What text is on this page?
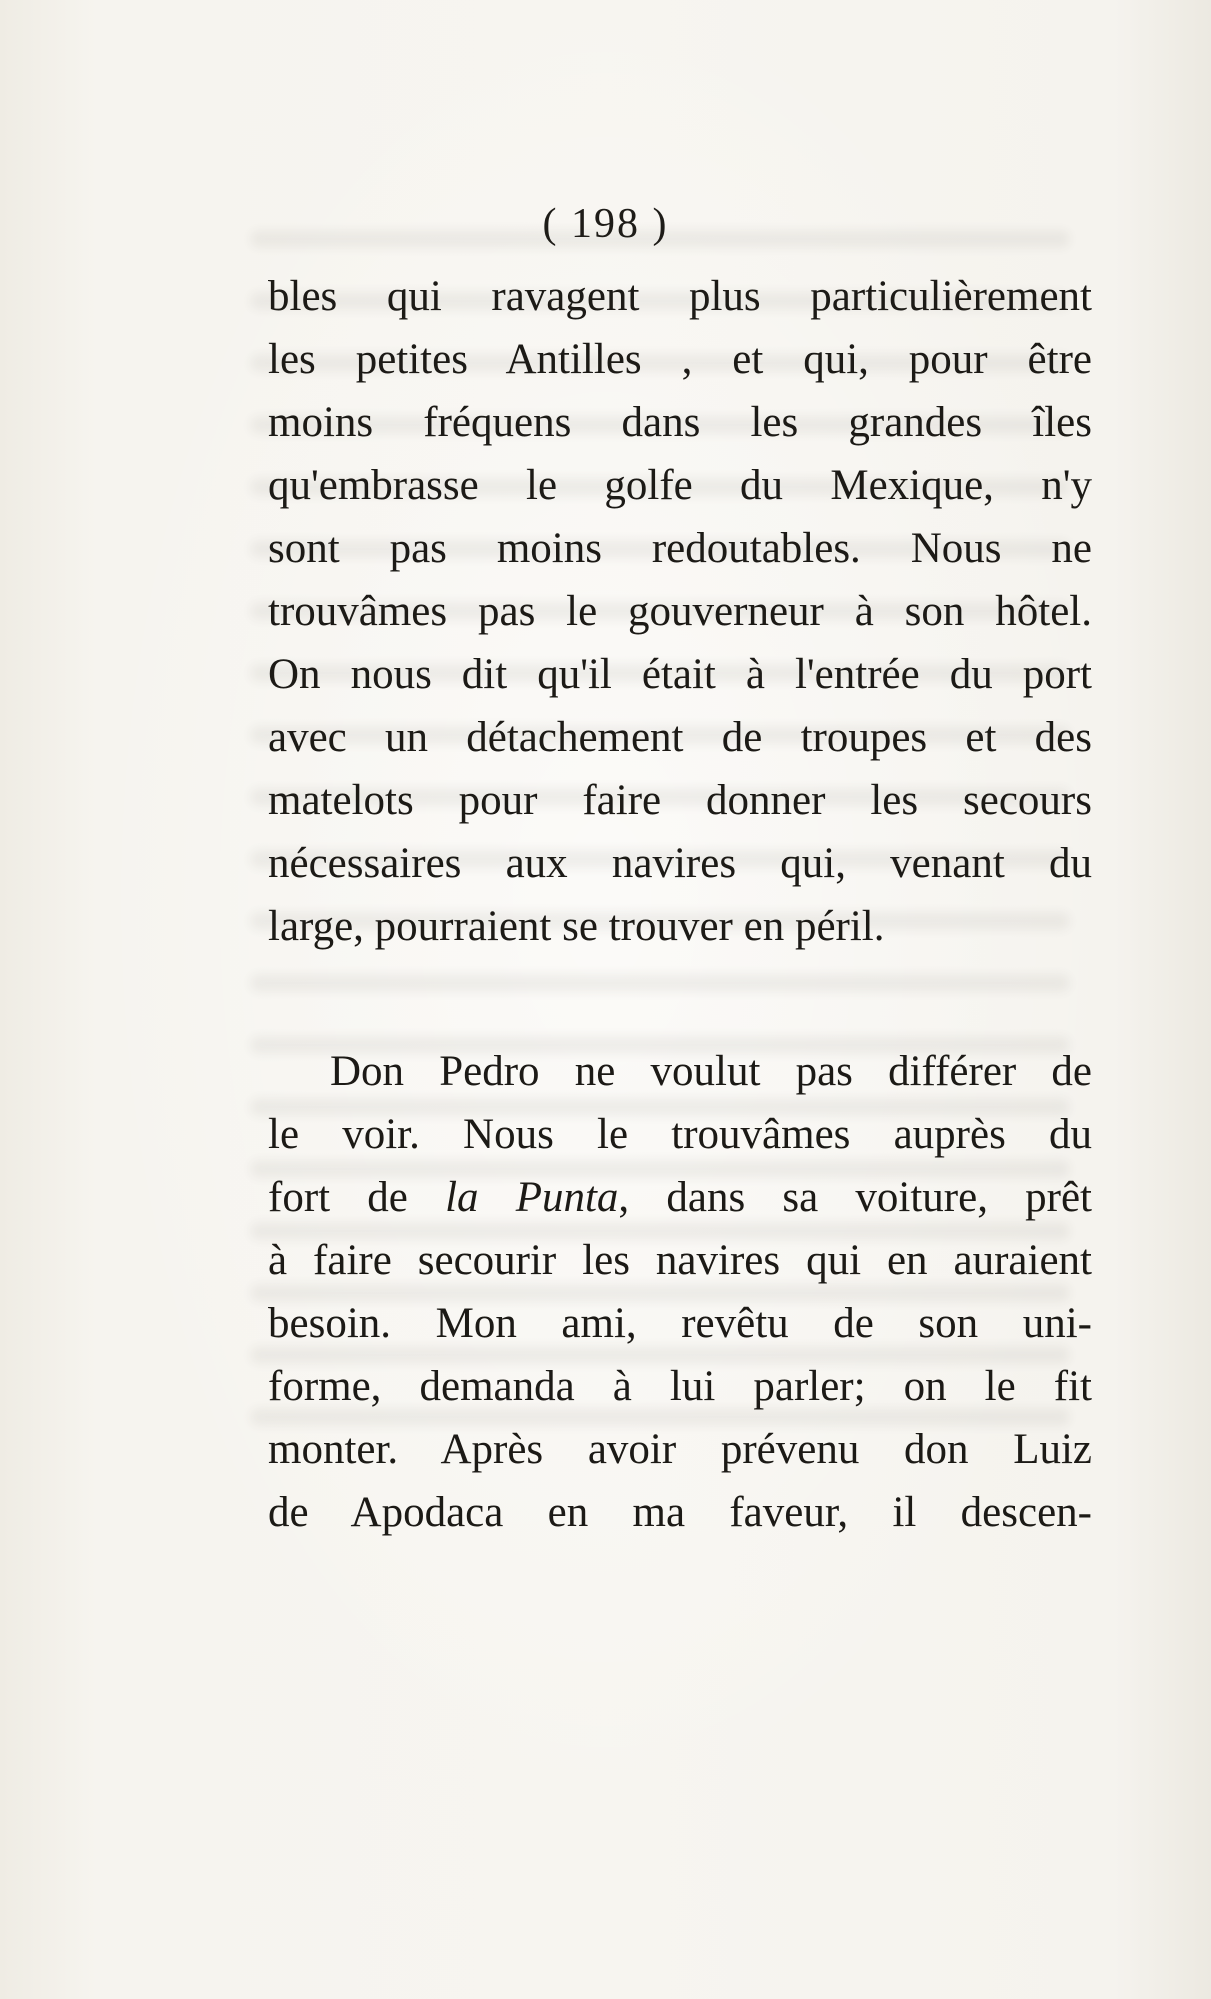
( 198 )
bles qui ravagent plus particulièrement
les petites Antilles , et qui, pour être
moins fréquens dans les grandes îles
qu'embrasse le golfe du Mexique, n'y
sont pas moins redoutables. Nous ne
trouvâmes pas le gouverneur à son hôtel.
On nous dit qu'il était à l'entrée du port
avec un détachement de troupes et des
matelots pour faire donner les secours
nécessaires aux navires qui, venant du
large, pourraient se trouver en péril.
Don Pedro ne voulut pas différer de
le voir. Nous le trouvâmes auprès du
fort de la Punta, dans sa voiture, prêt
à faire secourir les navires qui en auraient
besoin. Mon ami, revêtu de son uni-
forme, demanda à lui parler; on le fit
monter. Après avoir prévenu don Luiz
de Apodaca en ma faveur, il descen-
